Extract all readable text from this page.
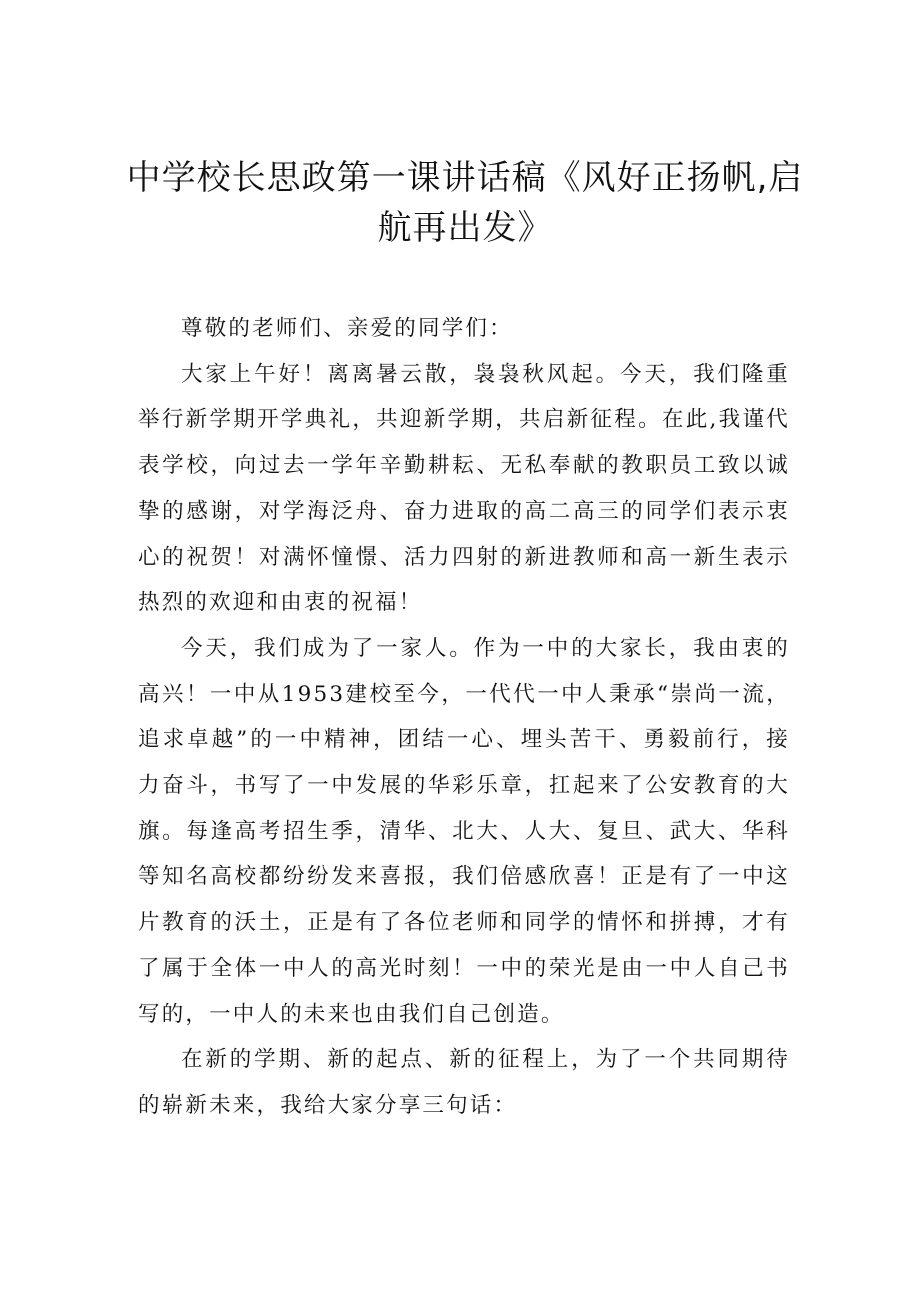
中学校长思政第一课讲话稿《风好正扬帆,启航再出发》

尊敬的老师们、亲爱的同学们：

大家上午好！离离暑云散，袅袅秋风起。今天，我们隆重举行新学期开学典礼，共迎新学期，共启新征程。在此,我谨代表学校，向过去一学年辛勤耕耘、无私奉献的教职员工致以诚挚的感谢，对学海泛舟、奋力进取的高二高三的同学们表示衷心的祝贺！对满怀憧憬、活力四射的新进教师和高一新生表示热烈的欢迎和由衷的祝福！

今天，我们成为了一家人。作为一中的大家长，我由衷的高兴！一中从1953建校至今，一代代一中人秉承“崇尚一流，追求卓越”的一中精神，团结一心、埋头苦干、勇毅前行，接力奋斗，书写了一中发展的华彩乐章，扛起来了公安教育的大旗。每逢高考招生季，清华、北大、人大、复旦、武大、华科等知名高校都纷纷发来喜报，我们倍感欣喜！正是有了一中这片教育的沃土，正是有了各位老师和同学的情怀和拼搏，才有了属于全体一中人的高光时刻！一中的荣光是由一中人自己书写的，一中人的未来也由我们自己创造。

在新的学期、新的起点、新的征程上，为了一个共同期待的崭新未来，我给大家分享三句话：
